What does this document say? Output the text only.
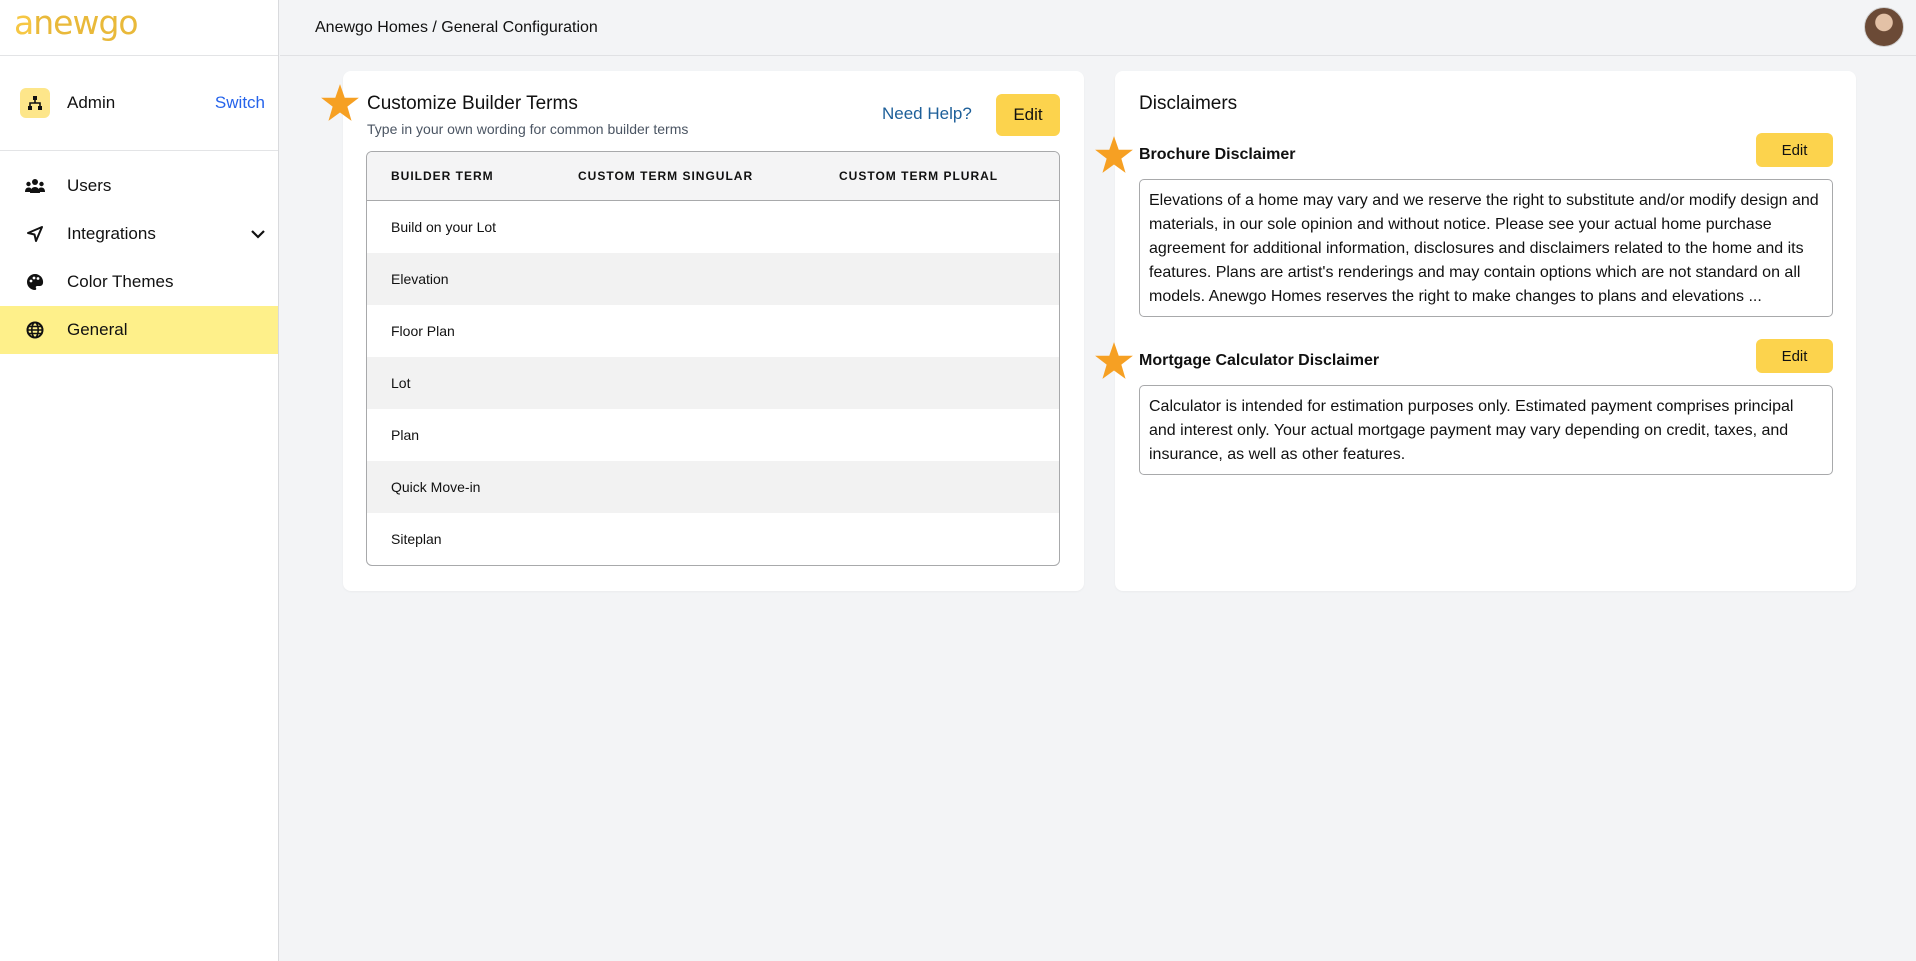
anewgo
Admin	Switch
Users
Integrations
Color Themes
General
Anewgo Homes / General Configuration
Customize Builder Terms
Type in your own wording for common builder terms
Need Help?	Edit
BUILDER TERM	CUSTOM TERM SINGULAR	CUSTOM TERM PLURAL
Build on your Lot
Elevation
Floor Plan
Lot
Plan
Quick Move-in
Siteplan
Disclaimers
Brochure Disclaimer	Edit
Elevations of a home may vary and we reserve the right to substitute and/or modify design and materials, in our sole opinion and without notice. Please see your actual home purchase agreement for additional information, disclosures and disclaimers related to the home and its features. Plans are artist's renderings and may contain options which are not standard on all models. Anewgo Homes reserves the right to make changes to plans and elevations ...
Mortgage Calculator Disclaimer	Edit
Calculator is intended for estimation purposes only. Estimated payment comprises principal and interest only. Your actual mortgage payment may vary depending on credit, taxes, and insurance, as well as other features.
